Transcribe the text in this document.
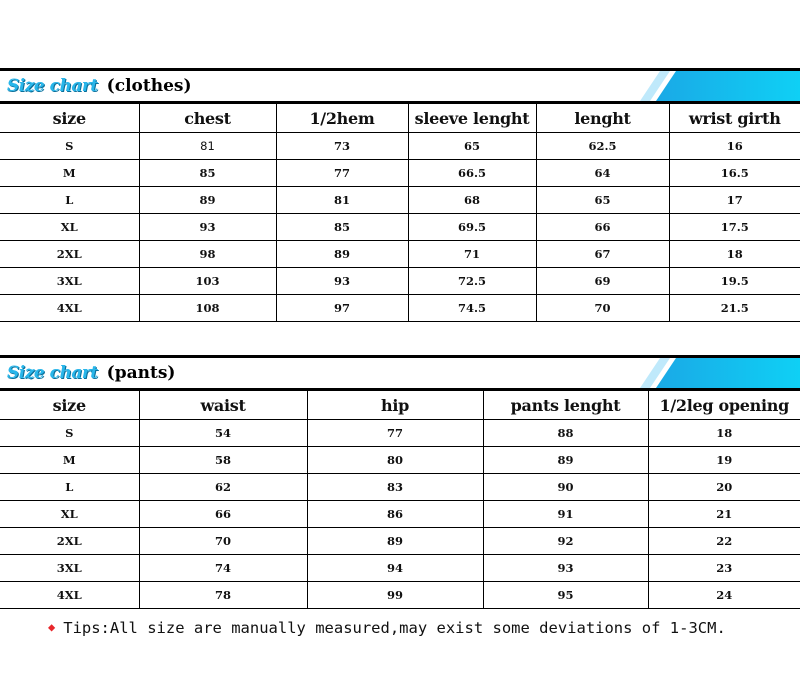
Size chart (clothes)
size	chest	1/2hem	sleeve lenght	lenght	wrist girth
S	81	73	65	62.5	16
M	85	77	66.5	64	16.5
L	89	81	68	65	17
XL	93	85	69.5	66	17.5
2XL	98	89	71	67	18
3XL	103	93	72.5	69	19.5
4XL	108	97	74.5	70	21.5
Size chart (pants)
size	waist	hip	pants lenght	1/2leg opening
S	54	77	88	18
M	58	80	89	19
L	62	83	90	20
XL	66	86	91	21
2XL	70	89	92	22
3XL	74	94	93	23
4XL	78	99	95	24
◆ Tips:All size are manually measured,may exist some deviations of 1-3CM.
